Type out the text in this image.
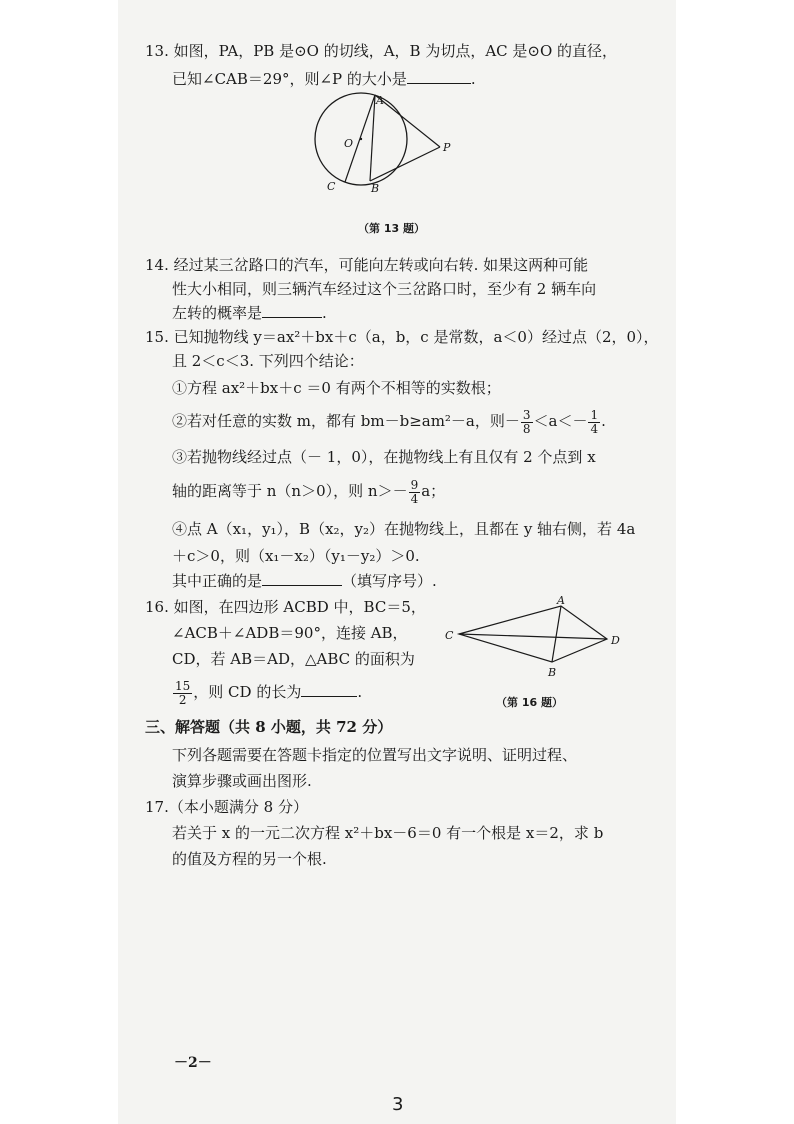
13. 如图，PA，PB 是⊙O 的切线，A，B 为切点，AC 是⊙O 的直径，
已知∠CAB＝29°，则∠P 的大小是	.
A
O	P
C	B
（第 13 题）
14. 经过某三岔路口的汽车，可能向左转或向右转. 如果这两种可能
性大小相同，则三辆汽车经过这个三岔路口时，至少有 2 辆车向
左转的概率是	.
15. 已知抛物线 y＝ax²＋bx＋c（a，b，c 是常数，a＜0）经过点（2，0），
且 2＜c＜3. 下列四个结论：
①方程 ax²＋bx＋c ＝0 有两个不相等的实数根；
②若对任意的实数 m，都有 bm－b≥am²－a，则－ $\frac{3}{8} <a<- \frac{1}{4}$ .
③若抛物线经过点（－ 1，0），在抛物线上有且仅有 2 个点到 x
轴的距离等于 n（n＞0），则 $n>- \frac{9}{4}$ a；
④点 A（x₁，y₁），B（x₂，y₂）在抛物线上，且都在 y 轴右侧，若 4a
＋c＞0，则（x₁－x₂）（y₁－y₂）＞0.
其中正确的是	（填写序号）.
16. 如图，在四边形 ACBD 中，BC＝5，
∠ACB＋∠ADB＝90°，连接 AB，
CD，若 AB＝AD，△ABC 的面积为
$\frac{15}{2}$ ，则 CD 的长为	.
A
C	D
B
（第 16 题）
三、解答题（共 8 小题，共 72 分）
下列各题需要在答题卡指定的位置写出文字说明、证明过程、
演算步骤或画出图形.
17.（本小题满分 8 分）
若关于 x 的一元二次方程 x²＋bx－6＝0 有一个根是 x＝2，求 b
的值及方程的另一个根.
－2－
3
